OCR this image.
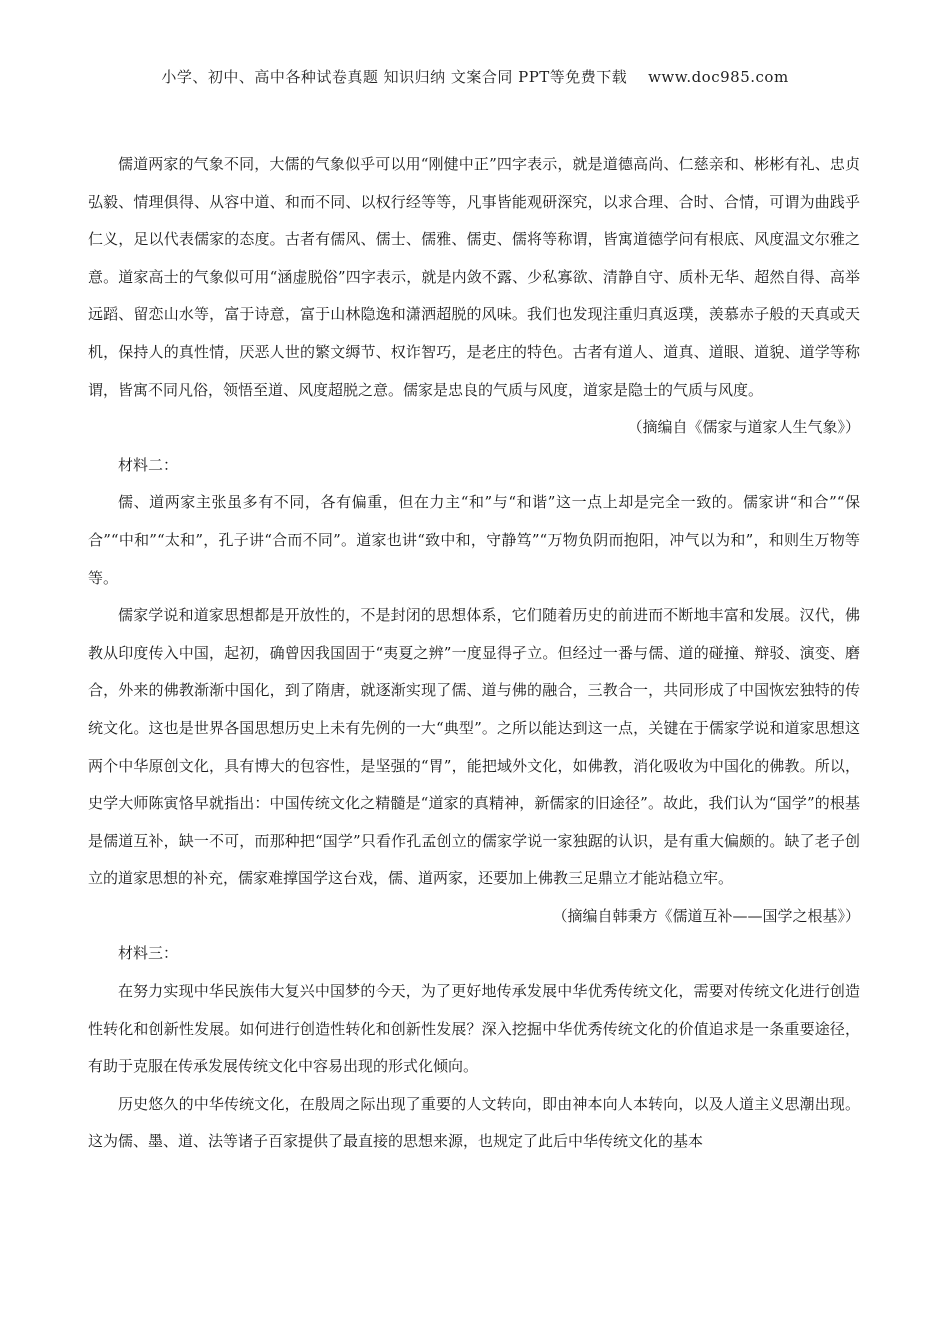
小学、初中、高中各种试卷真题 知识归纳 文案合同 PPT等免费下载　 www.doc985.com

儒道两家的气象不同，大儒的气象似乎可以用“刚健中正”四字表示，就是道德高尚、仁慈亲和、彬彬有礼、忠贞弘毅、情理俱得、从容中道、和而不同、以权行经等等，凡事皆能观研深究，以求合理、合时、合情，可谓为曲践乎仁义，足以代表儒家的态度。古者有儒风、儒士、儒雅、儒吏、儒将等称谓，皆寓道德学问有根底、风度温文尔雅之意。道家高士的气象似可用“涵虚脱俗”四字表示，就是内敛不露、少私寡欲、清静自守、质朴无华、超然自得、高举远蹈、留恋山水等，富于诗意，富于山林隐逸和潇洒超脱的风味。我们也发现注重归真返璞，羡慕赤子般的天真或天机，保持人的真性情，厌恶人世的繁文缛节、权诈智巧，是老庄的特色。古者有道人、道真、道眼、道貌、道学等称谓，皆寓不同凡俗，领悟至道、风度超脱之意。儒家是忠良的气质与风度，道家是隐士的气质与风度。

（摘编自《儒家与道家人生气象》）

材料二：

儒、道两家主张虽多有不同，各有偏重，但在力主“和”与“和谐”这一点上却是完全一致的。儒家讲“和合”“保合”“中和”“太和”，孔子讲“合而不同”。道家也讲“致中和，守静笃”“万物负阴而抱阳，冲气以为和”，和则生万物等等。

儒家学说和道家思想都是开放性的，不是封闭的思想体系，它们随着历史的前进而不断地丰富和发展。汉代，佛教从印度传入中国，起初，确曾因我国固于“夷夏之辨”一度显得孑立。但经过一番与儒、道的碰撞、辩驳、演变、磨合，外来的佛教渐渐中国化，到了隋唐，就逐渐实现了儒、道与佛的融合，三教合一，共同形成了中国恢宏独特的传统文化。这也是世界各国思想历史上未有先例的一大“典型”。之所以能达到这一点，关键在于儒家学说和道家思想这两个中华原创文化，具有博大的包容性，是坚强的“胃”，能把域外文化，如佛教，消化吸收为中国化的佛教。所以，史学大师陈寅恪早就指出：中国传统文化之精髓是“道家的真精神，新儒家的旧途径”。故此，我们认为“国学”的根基是儒道互补，缺一不可，而那种把“国学”只看作孔孟创立的儒家学说一家独踞的认识，是有重大偏颇的。缺了老子创立的道家思想的补充，儒家难撑国学这台戏，儒、道两家，还要加上佛教三足鼎立才能站稳立牢。

（摘编自韩秉方《儒道互补——国学之根基》）

材料三：

在努力实现中华民族伟大复兴中国梦的今天，为了更好地传承发展中华优秀传统文化，需要对传统文化进行创造性转化和创新性发展。如何进行创造性转化和创新性发展？深入挖掘中华优秀传统文化的价值追求是一条重要途径，有助于克服在传承发展传统文化中容易出现的形式化倾向。

历史悠久的中华传统文化，在殷周之际出现了重要的人文转向，即由神本向人本转向，以及人道主义思潮出现。这为儒、墨、道、法等诸子百家提供了最直接的思想来源，也规定了此后中华传统文化的基本
